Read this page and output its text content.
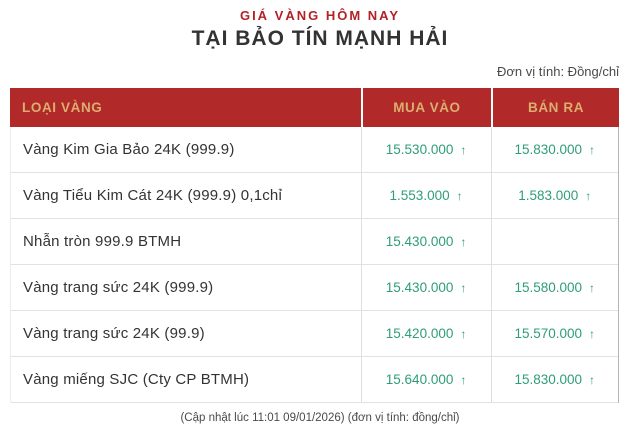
GIÁ VÀNG HÔM NAY
TẠI BẢO TÍN MẠNH HẢI
Đơn vị tính: Đồng/chỉ
LOẠI VÀNG	MUA VÀO	BÁN RA
Vàng Kim Gia Bảo 24K (999.9)	15.530.000 ↑	15.830.000 ↑
Vàng Tiểu Kim Cát 24K (999.9) 0,1chỉ	1.553.000 ↑	1.583.000 ↑
Nhẫn tròn 999.9 BTMH	15.430.000 ↑
Vàng trang sức 24K (999.9)	15.430.000 ↑	15.580.000 ↑
Vàng trang sức 24K (99.9)	15.420.000 ↑	15.570.000 ↑
Vàng miếng SJC (Cty CP BTMH)	15.640.000 ↑	15.830.000 ↑
(Cập nhật lúc 11:01 09/01/2026) (đơn vị tính: đồng/chỉ)
